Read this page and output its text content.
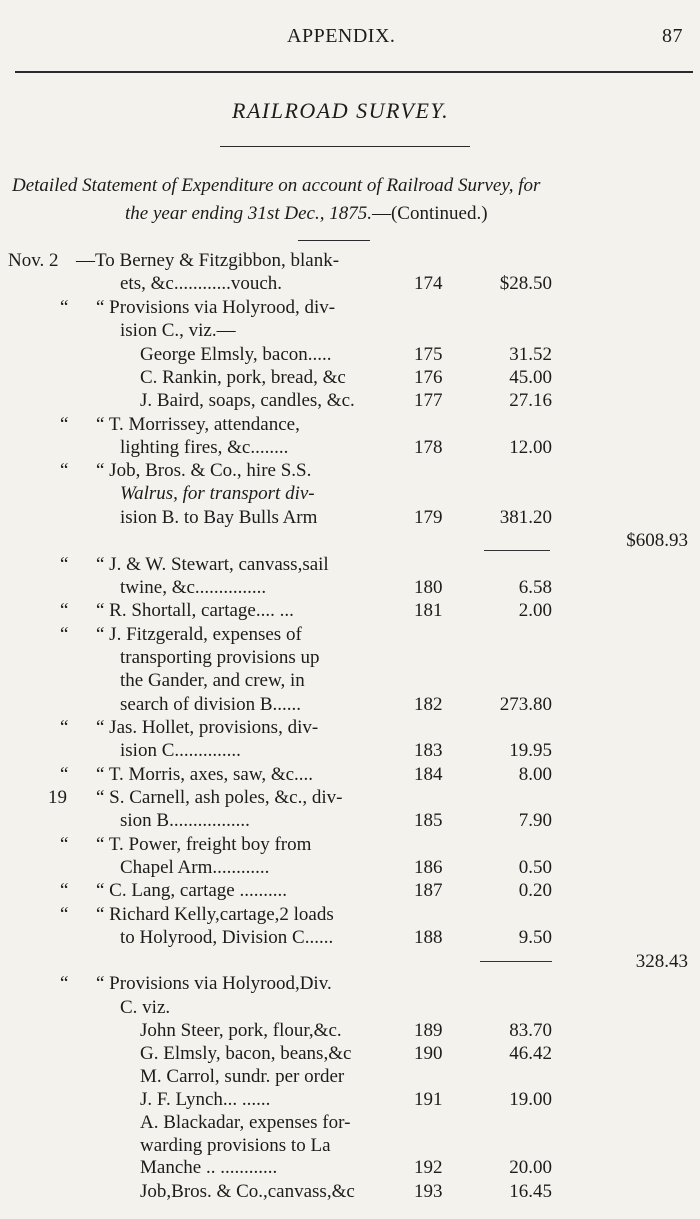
APPENDIX.	87
RAILROAD SURVEY.
Detailed Statement of Expenditure on account of Railroad Survey, for
the year ending 31st Dec., 1875.—(Continued.)
Nov. 2 —To Berney & Fitzgibbon, blank-
ets, &c............vouch.	174	$28.50
“ “ Provisions via Holyrood, div-
ision C., viz.—
George Elmsly, bacon.....	175	31.52
C. Rankin, pork, bread, &c	176	45.00
J. Baird, soaps, candles, &c.	177	27.16
“ “ T. Morrissey, attendance,
lighting fires, &c........	178	12.00
“ “ Job, Bros. & Co., hire S.S.
Walrus, for transport div-
ision B. to Bay Bulls Arm	179	381.20
$608.93
“ “ J. & W. Stewart, canvass,sail
twine, &c...............	180	6.58
“ “ R. Shortall, cartage.... ...	181	2.00
“ “ J. Fitzgerald, expenses of
transporting provisions up
the Gander, and crew, in
search of division B......	182	273.80
“ “ Jas. Hollet, provisions, div-
ision C..............	183	19.95
“ “ T. Morris, axes, saw, &c....	184	8.00
19 “ S. Carnell, ash poles, &c., div-
sion B.................	185	7.90
“ “ T. Power, freight boy from
Chapel Arm............	186	0.50
“ “ C. Lang, cartage ..........	187	0.20
“ “ Richard Kelly,cartage,2 loads
to Holyrood, Division C......	188	9.50
328.43
“ “ Provisions via Holyrood,Div.
C. viz.
John Steer, pork, flour,&c.	189	83.70
G. Elmsly, bacon, beans,&c	190	46.42
M. Carrol, sundr. per order
J. F. Lynch... ......	191	19.00
A. Blackadar, expenses for-
warding provisions to La
Manche .. ............	192	20.00
Job,Bros. & Co.,canvass,&c	193	16.45
